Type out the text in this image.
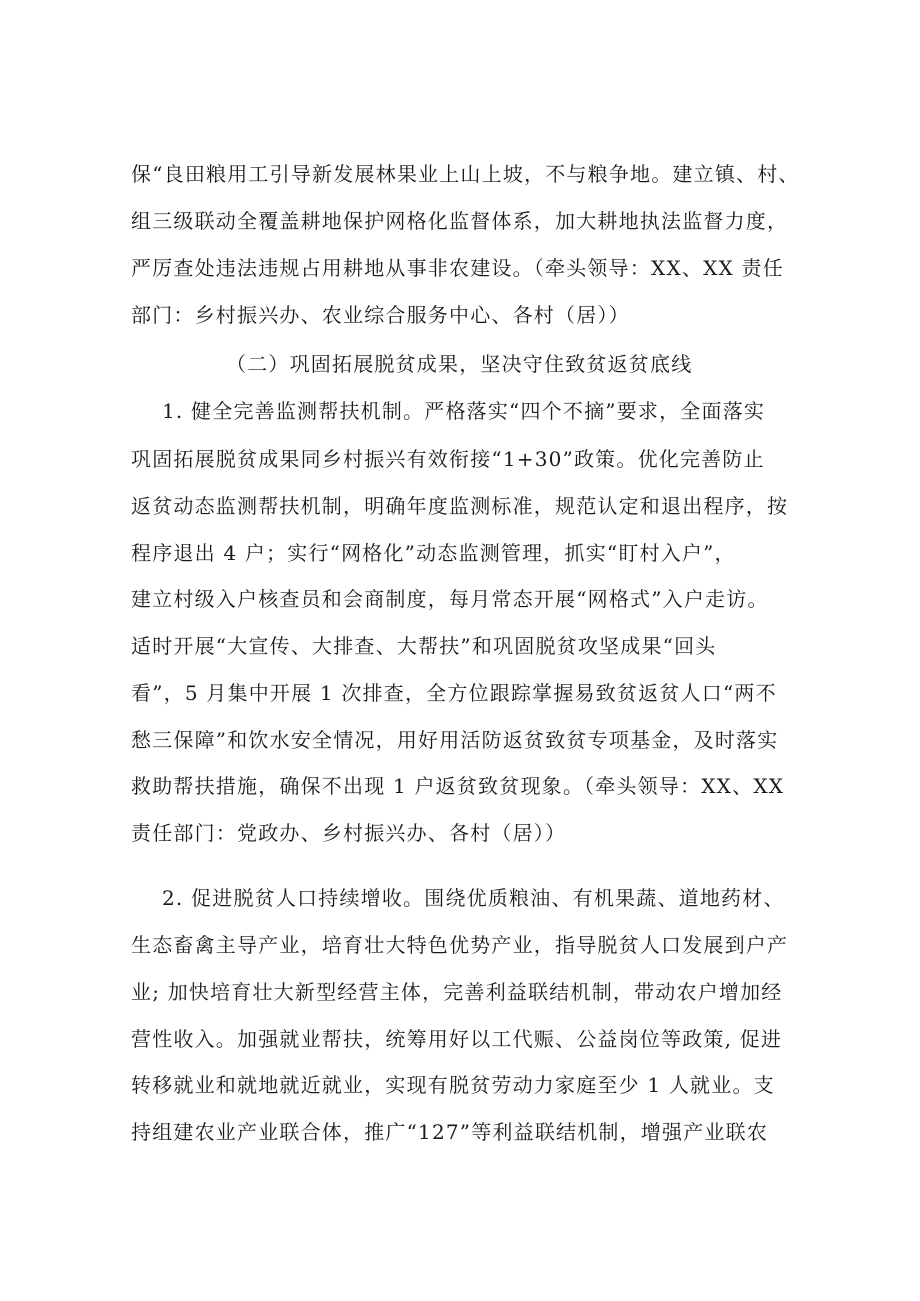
保“良田粮用工引导新发展林果业上山上坡，不与粮争地。建立镇、村、
组三级联动全覆盖耕地保护网格化监督体系，加大耕地执法监督力度，
严厉查处违法违规占用耕地从事非农建设。（牵头领导：XX、XX 责任
部门：乡村振兴办、农业综合服务中心、各村（居））
（二）巩固拓展脱贫成果，坚决守住致贫返贫底线
1. 健全完善监测帮扶机制。严格落实“四个不摘”要求，全面落实
巩固拓展脱贫成果同乡村振兴有效衔接“1+30”政策。优化完善防止
返贫动态监测帮扶机制，明确年度监测标准，规范认定和退出程序，按
程序退出 4 户；实行“网格化”动态监测管理，抓实“盯村入户”，
建立村级入户核查员和会商制度，每月常态开展“网格式”入户走访。
适时开展“大宣传、大排查、大帮扶”和巩固脱贫攻坚成果“回头
看”，5 月集中开展 1 次排查，全方位跟踪掌握易致贫返贫人口“两不
愁三保障”和饮水安全情况，用好用活防返贫致贫专项基金，及时落实
救助帮扶措施，确保不出现 1 户返贫致贫现象。（牵头领导：XX、XX
责任部门：党政办、乡村振兴办、各村（居））
2. 促进脱贫人口持续增收。围绕优质粮油、有机果蔬、道地药材、
生态畜禽主导产业，培育壮大特色优势产业，指导脱贫人口发展到户产
业; 加快培育壮大新型经营主体，完善利益联结机制，带动农户增加经
营性收入。加强就业帮扶，统筹用好以工代赈、公益岗位等政策, 促进
转移就业和就地就近就业，实现有脱贫劳动力家庭至少 1 人就业。支
持组建农业产业联合体，推广“127”等利益联结机制，增强产业联农
